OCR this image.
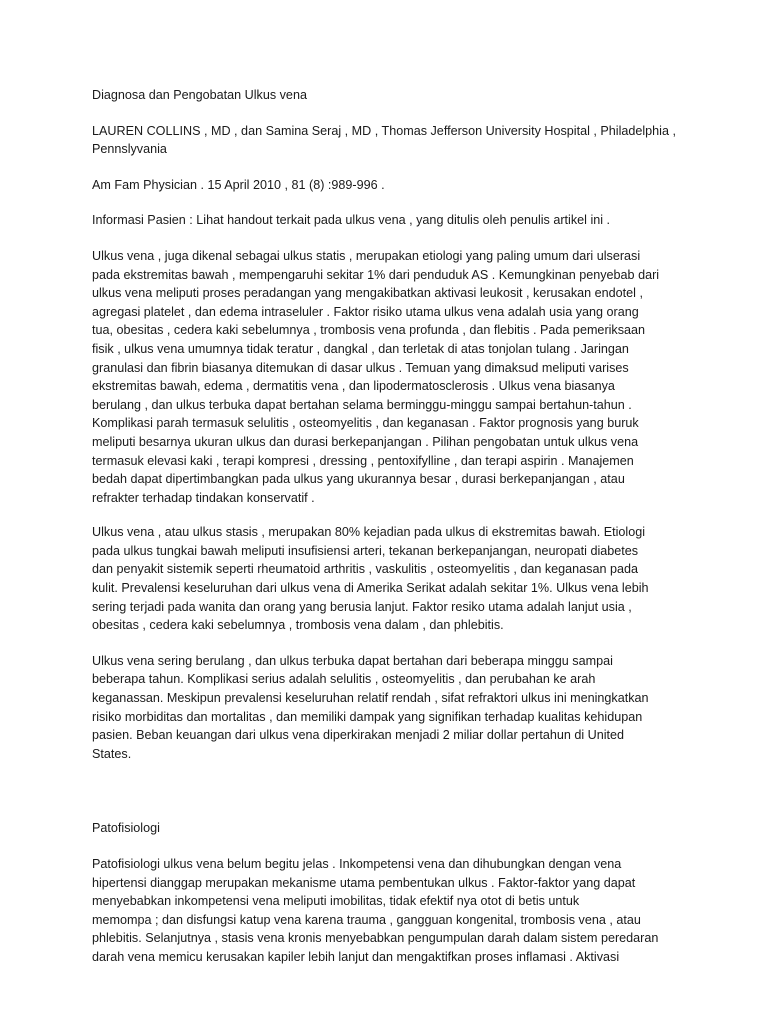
Diagnosa dan Pengobatan Ulkus vena

LAUREN COLLINS , MD , dan Samina Seraj , MD , Thomas Jefferson University Hospital , Philadelphia ,
Pennslyvania

Am Fam Physician . 15 April 2010 , 81 (8) :989-996 .

Informasi Pasien : Lihat handout terkait pada ulkus vena , yang ditulis oleh penulis artikel ini .

Ulkus vena , juga dikenal sebagai ulkus statis , merupakan etiologi yang paling umum dari ulserasi
pada ekstremitas bawah , mempengaruhi sekitar 1% dari penduduk AS . Kemungkinan penyebab dari
ulkus vena meliputi proses peradangan yang mengakibatkan aktivasi leukosit , kerusakan endotel ,
agregasi platelet , dan edema intraseluler . Faktor risiko utama ulkus vena adalah usia yang orang
tua, obesitas , cedera kaki sebelumnya , trombosis vena profunda , dan flebitis . Pada pemeriksaan
fisik , ulkus vena umumnya tidak teratur , dangkal , dan terletak di atas tonjolan tulang . Jaringan
granulasi dan fibrin biasanya ditemukan di dasar ulkus . Temuan yang dimaksud meliputi varises
ekstremitas bawah, edema , dermatitis vena , dan lipodermatosclerosis . Ulkus vena biasanya
berulang , dan ulkus terbuka dapat bertahan selama berminggu-minggu sampai bertahun-tahun .
Komplikasi parah termasuk selulitis , osteomyelitis , dan keganasan . Faktor prognosis yang buruk
meliputi besarnya ukuran ulkus dan durasi berkepanjangan . Pilihan pengobatan untuk ulkus vena
termasuk elevasi kaki , terapi kompresi , dressing , pentoxifylline , dan terapi aspirin . Manajemen
bedah dapat dipertimbangkan pada ulkus yang ukurannya besar , durasi berkepanjangan , atau
refrakter terhadap tindakan konservatif .

Ulkus vena , atau ulkus stasis , merupakan 80% kejadian pada ulkus di ekstremitas bawah. Etiologi
pada ulkus tungkai bawah meliputi insufisiensi arteri, tekanan berkepanjangan, neuropati diabetes
dan penyakit sistemik seperti rheumatoid arthritis , vaskulitis , osteomyelitis , dan keganasan pada
kulit. Prevalensi keseluruhan dari ulkus vena di Amerika Serikat adalah sekitar 1%. Ulkus vena lebih
sering terjadi pada wanita dan orang yang berusia lanjut. Faktor resiko utama adalah lanjut usia ,
obesitas , cedera kaki sebelumnya , trombosis vena dalam , dan phlebitis.

Ulkus vena sering berulang , dan ulkus terbuka dapat bertahan dari beberapa minggu sampai
beberapa tahun. Komplikasi serius adalah selulitis , osteomyelitis , dan perubahan ke arah
keganassan. Meskipun prevalensi keseluruhan relatif rendah , sifat refraktori ulkus ini meningkatkan
risiko morbiditas dan mortalitas , dan memiliki dampak yang signifikan terhadap kualitas kehidupan
pasien. Beban keuangan dari ulkus vena diperkirakan menjadi 2 miliar dollar pertahun di United
States.

Patofisiologi

Patofisiologi ulkus vena belum begitu jelas . Inkompetensi vena dan dihubungkan dengan vena
hipertensi dianggap merupakan mekanisme utama pembentukan ulkus . Faktor-faktor yang dapat
menyebabkan inkompetensi vena meliputi imobilitas, tidak efektif nya otot di betis untuk
memompa ; dan disfungsi katup vena karena trauma , gangguan kongenital, trombosis vena , atau
phlebitis. Selanjutnya , stasis vena kronis menyebabkan pengumpulan darah dalam sistem peredaran
darah vena memicu kerusakan kapiler lebih lanjut dan mengaktifkan proses inflamasi . Aktivasi
